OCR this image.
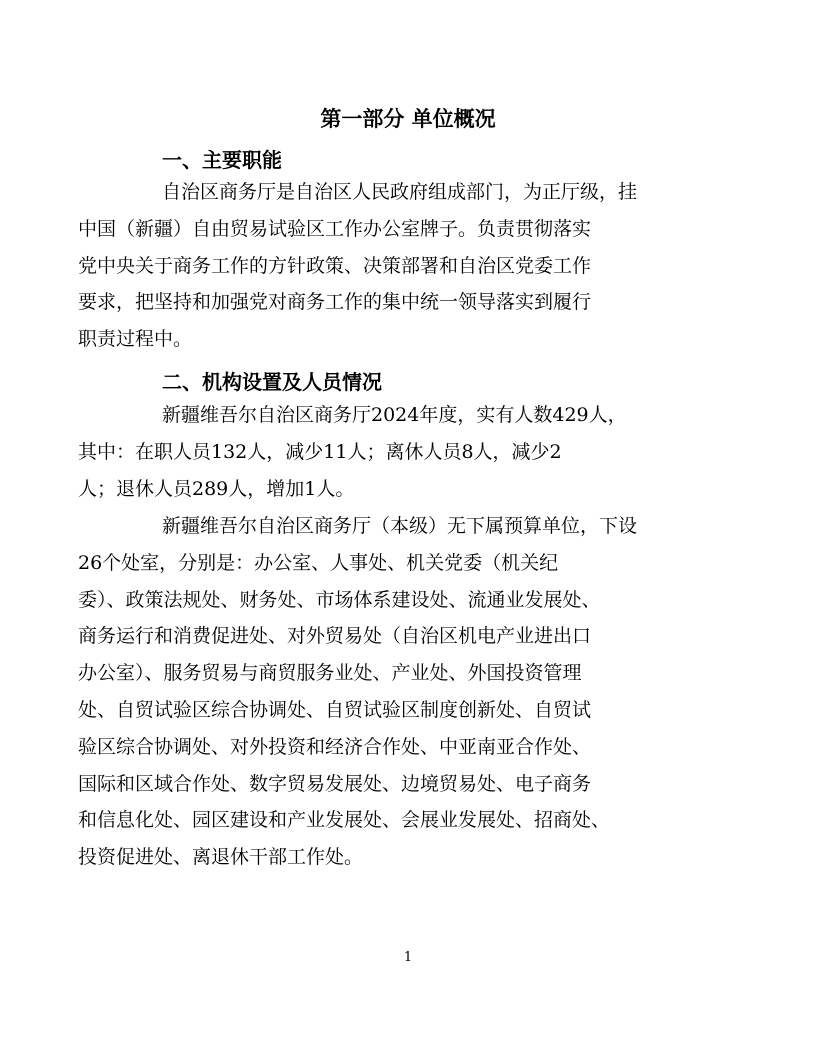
第一部分 单位概况
一、主要职能

自治区商务厅是自治区人民政府组成部门，为正厅级，挂
中国（新疆）自由贸易试验区工作办公室牌子。负责贯彻落实
党中央关于商务工作的方针政策、决策部署和自治区党委工作
要求，把坚持和加强党对商务工作的集中统一领导落实到履行
职责过程中。

二、机构设置及人员情况

新疆维吾尔自治区商务厅2024年度，实有人数429人，
其中：在职人员132人，减少11人；离休人员8人，减少2
人；退休人员289人，增加1人。

新疆维吾尔自治区商务厅（本级）无下属预算单位，下设
26个处室，分别是：办公室、人事处、机关党委（机关纪
委）、政策法规处、财务处、市场体系建设处、流通业发展处、
商务运行和消费促进处、对外贸易处（自治区机电产业进出口
办公室）、服务贸易与商贸服务业处、产业处、外国投资管理
处、自贸试验区综合协调处、自贸试验区制度创新处、自贸试
验区综合协调处、对外投资和经济合作处、中亚南亚合作处、
国际和区域合作处、数字贸易发展处、边境贸易处、电子商务
和信息化处、园区建设和产业发展处、会展业发展处、招商处、
投资促进处、离退休干部工作处。

1
